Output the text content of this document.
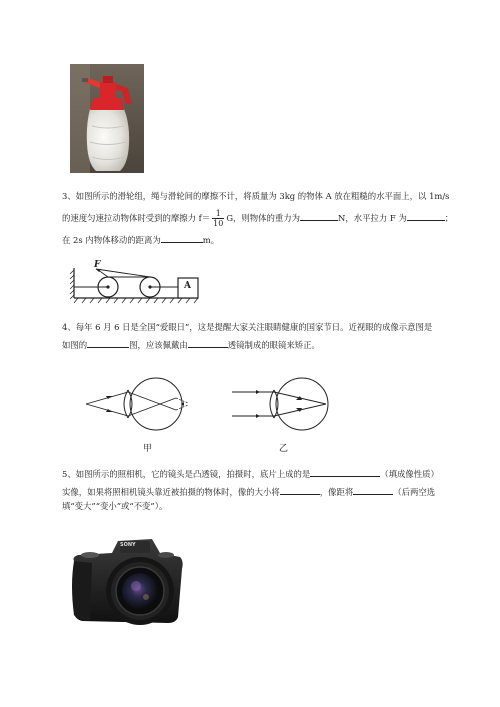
3、如图所示的滑轮组，绳与滑轮间的摩擦不计，将质量为 3kg 的物体 A 放在粗糙的水平面上，以 1m/s
的速度匀速拉动物体时受到的摩擦力 $f= \frac{1}{10}$ G，则物体的重力为	N，水平拉力 F 为	；
在 2s 内物体移动的距离为	m。
F
A
4、每年 6 月 6 日是全国“爱眼日”，这是提醒大家关注眼睛健康的国家节日。近视眼的成像示意图是
如图的	图，应该佩戴由	透镜制成的眼镜来矫正。
甲	乙
5、如图所示的照相机，它的镜头是凸透镜，拍摄时，底片上成的是	（填成像性质）
实像，如果将照相机镜头靠近被拍摄的物体时，像的大小将	，像距将	（后两空选
填“变大”“变小”或“不变”）。
SONY
